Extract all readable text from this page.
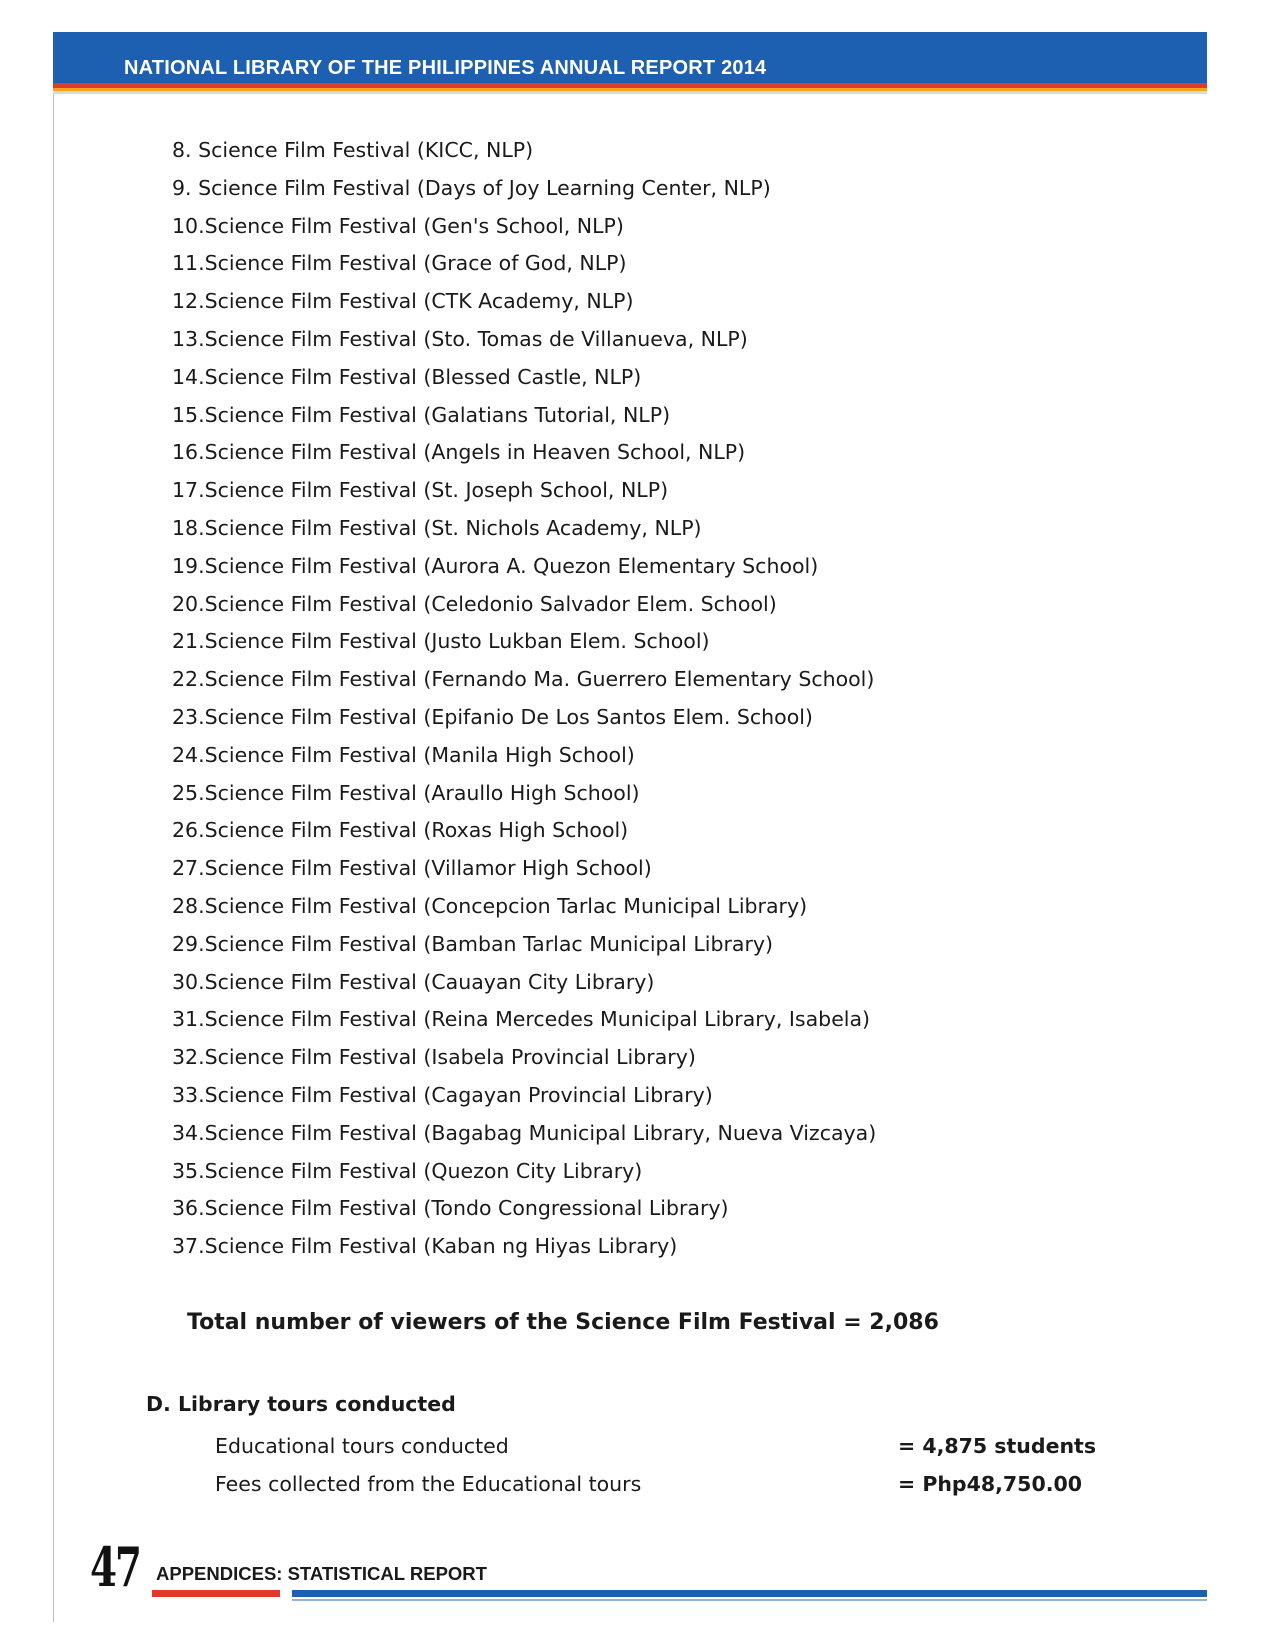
NATIONAL LIBRARY OF THE PHILIPPINES ANNUAL REPORT 2014
8. Science Film Festival (KICC, NLP)
9. Science Film Festival (Days of Joy Learning Center, NLP)
10.Science Film Festival (Gen's School, NLP)
11.Science Film Festival (Grace of God, NLP)
12.Science Film Festival (CTK Academy, NLP)
13.Science Film Festival (Sto. Tomas de Villanueva, NLP)
14.Science Film Festival (Blessed Castle, NLP)
15.Science Film Festival (Galatians Tutorial, NLP)
16.Science Film Festival (Angels in Heaven School, NLP)
17.Science Film Festival (St. Joseph School, NLP)
18.Science Film Festival (St. Nichols Academy, NLP)
19.Science Film Festival (Aurora A. Quezon Elementary School)
20.Science Film Festival (Celedonio Salvador Elem. School)
21.Science Film Festival (Justo Lukban Elem. School)
22.Science Film Festival (Fernando Ma. Guerrero Elementary School)
23.Science Film Festival (Epifanio De Los Santos Elem. School)
24.Science Film Festival (Manila High School)
25.Science Film Festival (Araullo High School)
26.Science Film Festival (Roxas High School)
27.Science Film Festival (Villamor High School)
28.Science Film Festival (Concepcion Tarlac Municipal Library)
29.Science Film Festival (Bamban Tarlac Municipal Library)
30.Science Film Festival (Cauayan City Library)
31.Science Film Festival (Reina Mercedes Municipal Library, Isabela)
32.Science Film Festival (Isabela Provincial Library)
33.Science Film Festival (Cagayan Provincial Library)
34.Science Film Festival (Bagabag Municipal Library, Nueva Vizcaya)
35.Science Film Festival (Quezon City Library)
36.Science Film Festival (Tondo Congressional Library)
37.Science Film Festival (Kaban ng Hiyas Library)
Total number of viewers of the Science Film Festival = 2,086
D. Library tours conducted
Educational tours conducted	= 4,875 students
Fees collected from the Educational tours	= Php48,750.00
47 APPENDICES: STATISTICAL REPORT
